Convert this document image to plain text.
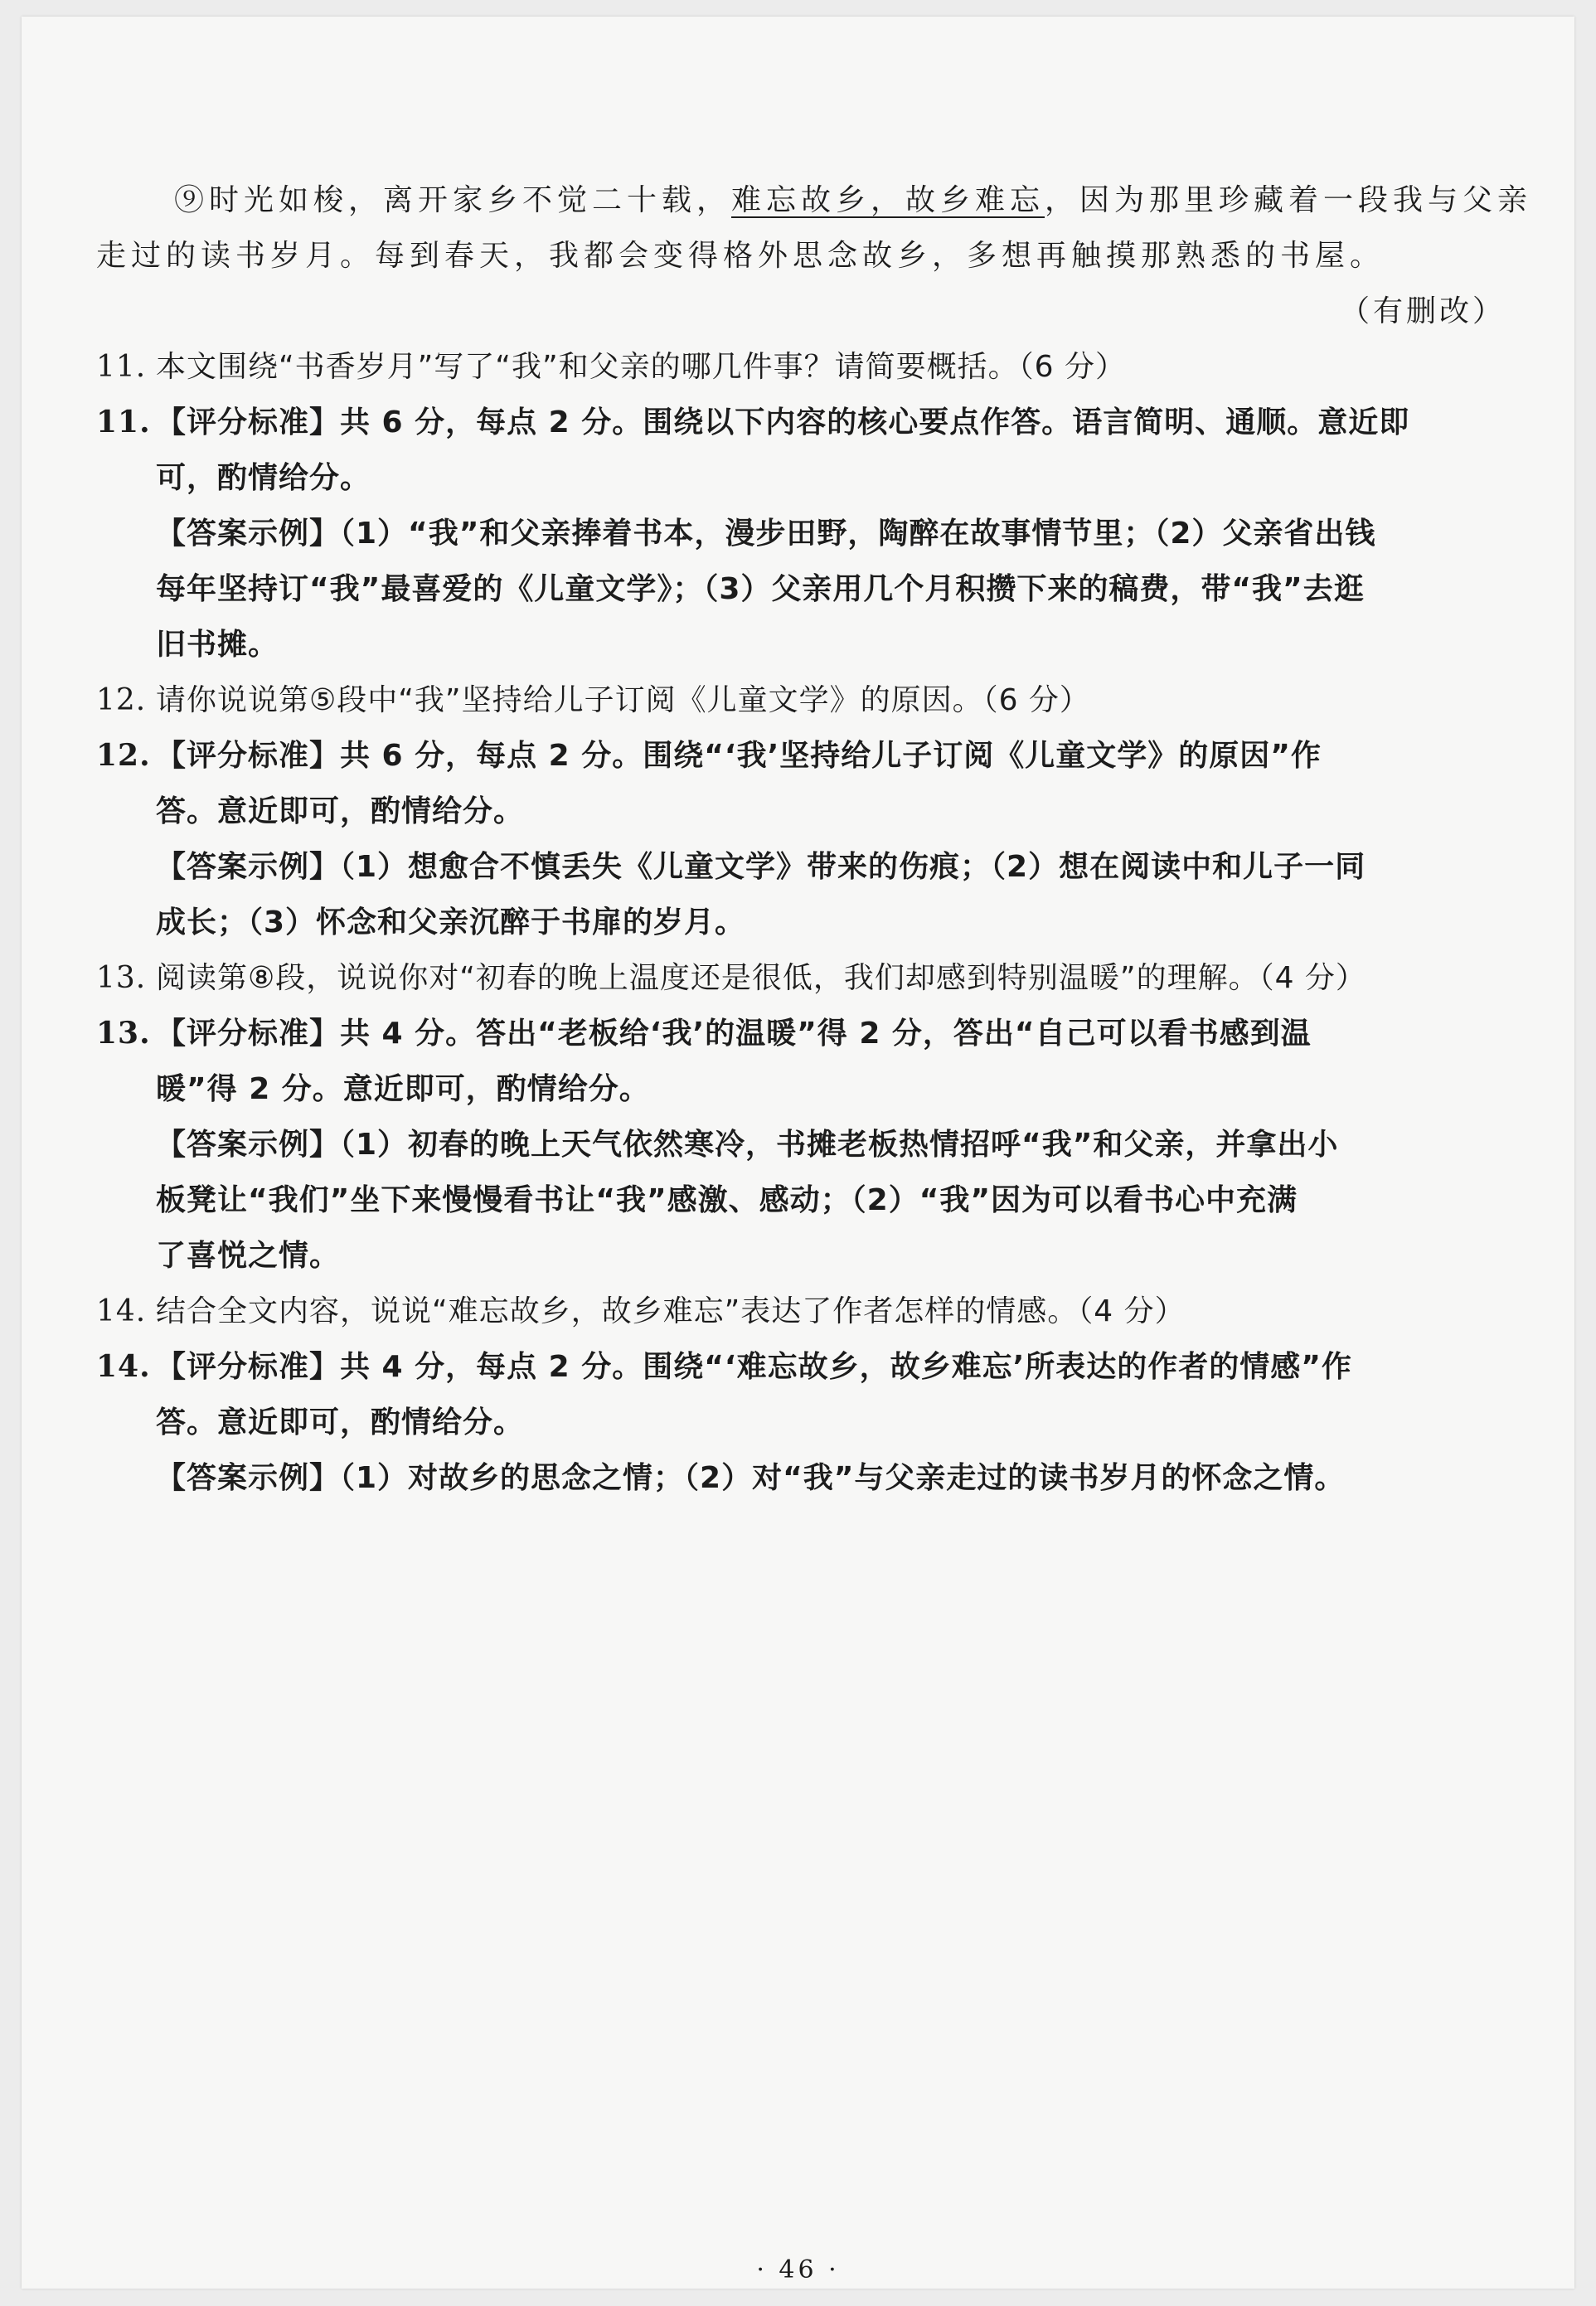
⑨时光如梭，离开家乡不觉二十载，难忘故乡，故乡难忘，因为那里珍藏着一段我与父亲
走过的读书岁月。每到春天，我都会变得格外思念故乡，多想再触摸那熟悉的书屋。
（有删改）
11. 本文围绕“书香岁月”写了“我”和父亲的哪几件事？请简要概括。（6 分）
11. 【评分标准】共 6 分，每点 2 分。围绕以下内容的核心要点作答。语言简明、通顺。意近即
可，酌情给分。
【答案示例】（1）“我”和父亲捧着书本，漫步田野，陶醉在故事情节里；（2）父亲省出钱
每年坚持订“我”最喜爱的《儿童文学》；（3）父亲用几个月积攒下来的稿费，带“我”去逛
旧书摊。
12. 请你说说第⑤段中“我”坚持给儿子订阅《儿童文学》的原因。（6 分）
12. 【评分标准】共 6 分，每点 2 分。围绕“‘我’坚持给儿子订阅《儿童文学》的原因”作
答。意近即可，酌情给分。
【答案示例】（1）想愈合不慎丢失《儿童文学》带来的伤痕；（2）想在阅读中和儿子一同
成长；（3）怀念和父亲沉醉于书扉的岁月。
13. 阅读第⑧段，说说你对“初春的晚上温度还是很低，我们却感到特别温暖”的理解。（4 分）
13. 【评分标准】共 4 分。答出“老板给‘我’的温暖”得 2 分，答出“自己可以看书感到温
暖”得 2 分。意近即可，酌情给分。
【答案示例】（1）初春的晚上天气依然寒冷，书摊老板热情招呼“我”和父亲，并拿出小
板凳让“我们”坐下来慢慢看书让“我”感激、感动；（2）“我”因为可以看书心中充满
了喜悦之情。
14. 结合全文内容，说说“难忘故乡，故乡难忘”表达了作者怎样的情感。（4 分）
14. 【评分标准】共 4 分，每点 2 分。围绕“‘难忘故乡，故乡难忘’所表达的作者的情感”作
答。意近即可，酌情给分。
【答案示例】（1）对故乡的思念之情；（2）对“我”与父亲走过的读书岁月的怀念之情。
· 46 ·
